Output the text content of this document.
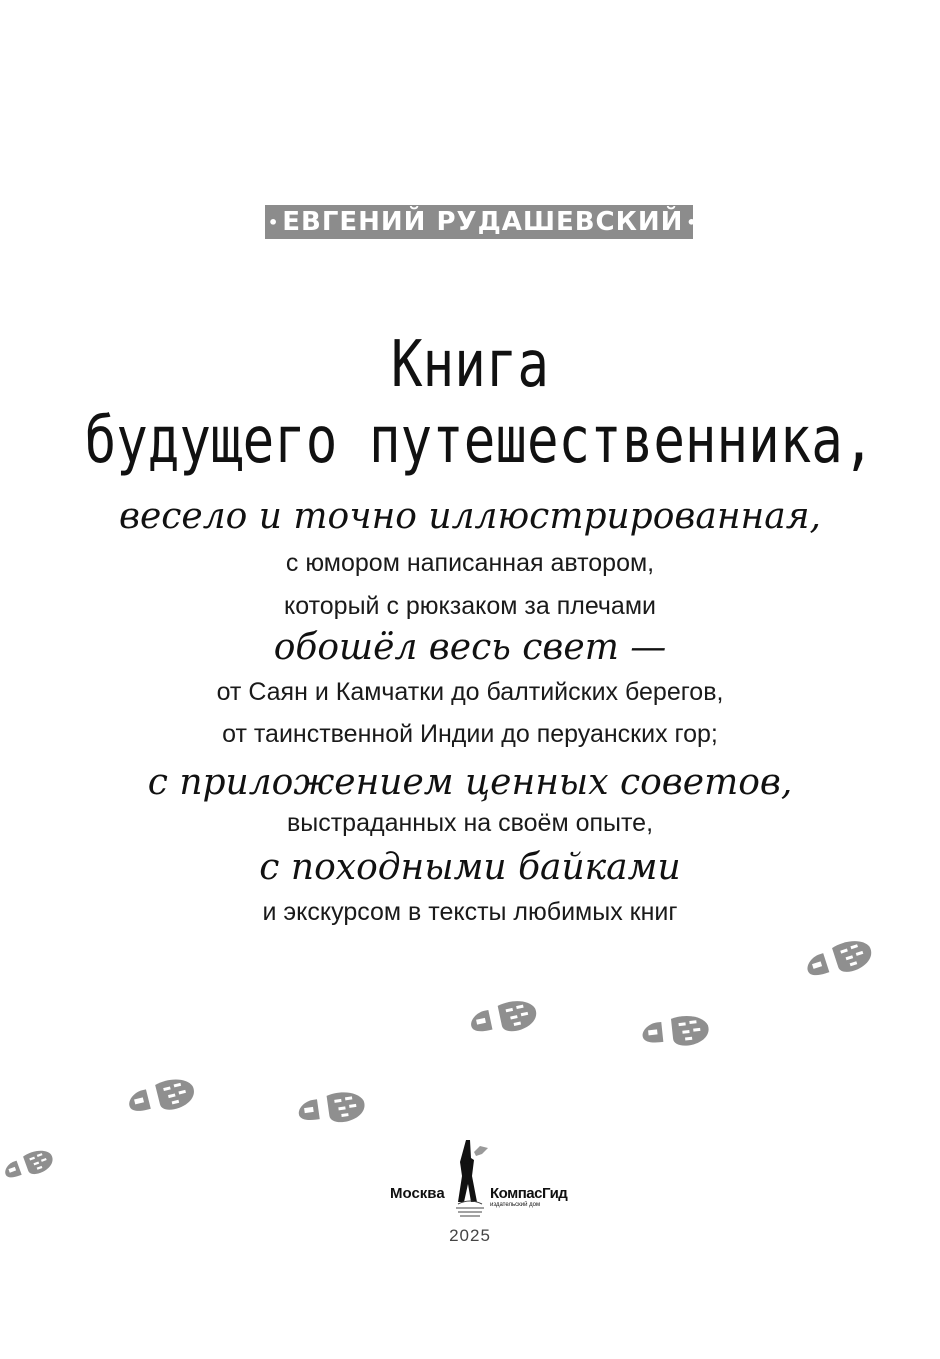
• ЕВГЕНИЙ РУДАШЕВСКИЙ •
Книга
будущего путешественника,
весело и точно иллюстрированная,
с юмором написанная автором,
который с рюкзаком за плечами
обошёл весь свет —
от Саян и Камчатки до балтийских берегов,
от таинственной Индии до перуанских гор;
с приложением ценных советов,
выстраданных на своём опыте,
с походными байками
и экскурсом в тексты любимых книг
Москва	КомпасГид
издательский дом
2025
